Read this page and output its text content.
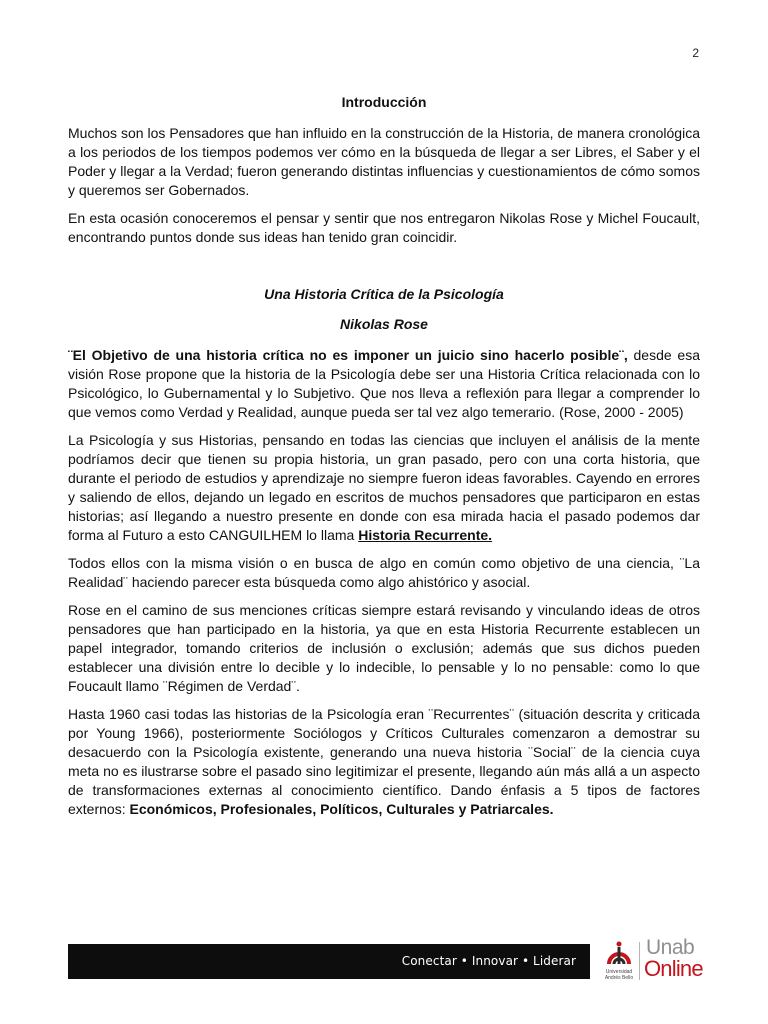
2

Introducción

Muchos son los Pensadores que han influido en la construcción de la Historia, de manera cronológica a los periodos de los tiempos podemos ver cómo en la búsqueda de llegar a ser Libres, el Saber y el Poder y llegar a la Verdad; fueron generando distintas influencias y cuestionamientos de cómo somos y queremos ser Gobernados.

En esta ocasión conoceremos el pensar y sentir que nos entregaron Nikolas Rose y Michel Foucault, encontrando puntos donde sus ideas han tenido gran coincidir.

Una Historia Crítica de la Psicología

Nikolas Rose

¨El Objetivo de una historia crítica no es imponer un juicio sino hacerlo posible¨, desde esa visión Rose propone que la historia de la Psicología debe ser una Historia Crítica relacionada con lo Psicológico, lo Gubernamental y lo Subjetivo. Que nos lleva a reflexión para llegar a comprender lo que vemos como Verdad y Realidad, aunque pueda ser tal vez algo temerario. (Rose, 2000 - 2005)

La Psicología y sus Historias, pensando en todas las ciencias que incluyen el análisis de la mente podríamos decir que tienen su propia historia, un gran pasado, pero con una corta historia, que durante el periodo de estudios y aprendizaje no siempre fueron ideas favorables. Cayendo en errores y saliendo de ellos, dejando un legado en escritos de muchos pensadores que participaron en estas historias; así llegando a nuestro presente en donde con esa mirada hacia el pasado podemos dar forma al Futuro a esto CANGUILHEM lo llama Historia Recurrente.

Todos ellos con la misma visión o en busca de algo en común como objetivo de una ciencia, ¨La Realidad¨ haciendo parecer esta búsqueda como algo ahistórico y asocial.

Rose en el camino de sus menciones críticas siempre estará revisando y vinculando ideas de otros pensadores que han participado en la historia, ya que en esta Historia Recurrente establecen un papel integrador, tomando criterios de inclusión o exclusión; además que sus dichos pueden establecer una división entre lo decible y lo indecible, lo pensable y lo no pensable: como lo que Foucault llamo ¨Régimen de Verdad¨.

Hasta 1960 casi todas las historias de la Psicología eran ¨Recurrentes¨ (situación descrita y criticada por Young 1966), posteriormente Sociólogos y Críticos Culturales comenzaron a demostrar su desacuerdo con la Psicología existente, generando una nueva historia ¨Social¨ de la ciencia cuya meta no es ilustrarse sobre el pasado sino legitimizar el presente, llegando aún más allá a un aspecto de transformaciones externas al conocimiento científico. Dando énfasis a 5 tipos de factores externos: Económicos, Profesionales, Políticos, Culturales y Patriarcales.

Conectar • Innovar • Liderar
Universidad
Andrés Bello
Unab
Online
